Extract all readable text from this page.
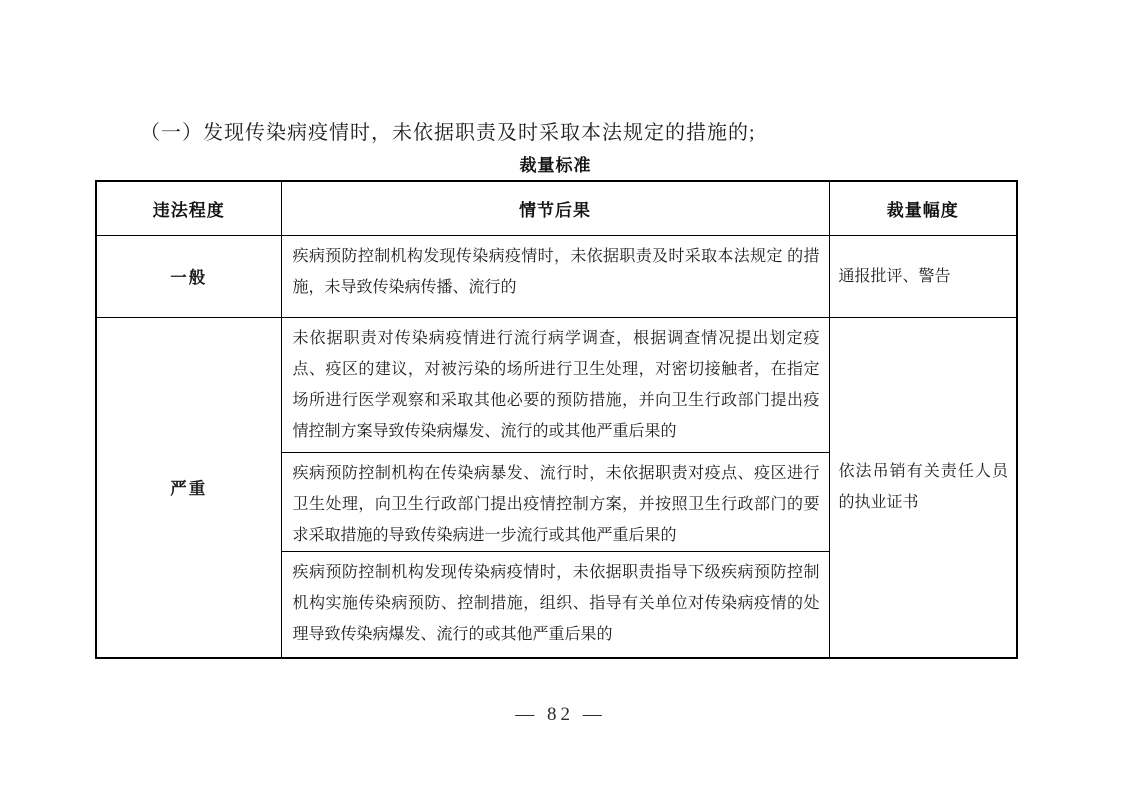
（一）发现传染病疫情时，未依据职责及时采取本法规定的措施的;
裁量标准
违法程度	情节后果	裁量幅度
一般	疾病预防控制机构发现传染病疫情时，未依据职责及时采取本法规定 的措施，未导致传染病传播、流行的	通报批评、警告
严重	未依据职责对传染病疫情进行流行病学调查，根据调查情况提出划定疫点、疫区的建议，对被污染的场所进行卫生处理，对密切接触者，在指定场所进行医学观察和采取其他必要的预防措施，并向卫生行政部门提出疫情控制方案导致传染病爆发、流行的或其他严重后果的	依法吊销有关责任人员的执业证书
	疾病预防控制机构在传染病暴发、流行时，未依据职责对疫点、疫区进行卫生处理，向卫生行政部门提出疫情控制方案，并按照卫生行政部门的要求采取措施的导致传染病进一步流行或其他严重后果的	
	疾病预防控制机构发现传染病疫情时，未依据职责指导下级疾病预防控制机构实施传染病预防、控制措施，组织、指导有关单位对传染病疫情的处理导致传染病爆发、流行的或其他严重后果的	
— 82 —
